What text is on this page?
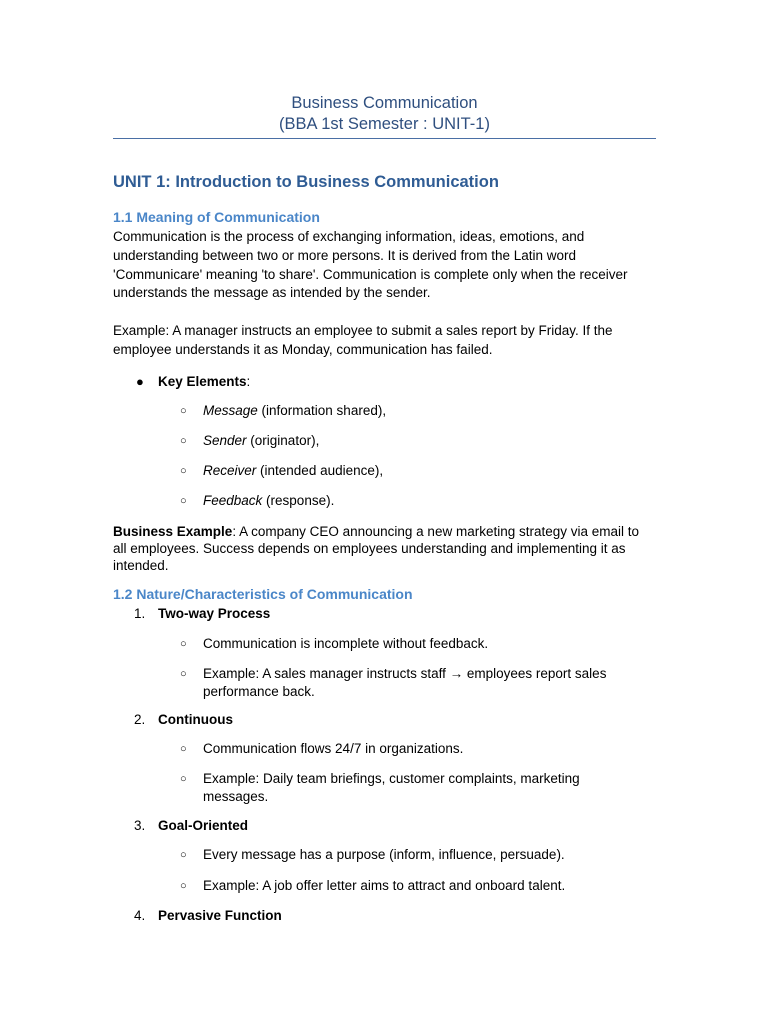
Business Communication
(BBA 1st Semester : UNIT-1)
UNIT 1: Introduction to Business Communication
1.1 Meaning of Communication
Communication is the process of exchanging information, ideas, emotions, and
understanding between two or more persons. It is derived from the Latin word
'Communicare' meaning 'to share'. Communication is complete only when the receiver
understands the message as intended by the sender.
Example: A manager instructs an employee to submit a sales report by Friday. If the
employee understands it as Monday, communication has failed.
● Key Elements:
○ Message (information shared),
○ Sender (originator),
○ Receiver (intended audience),
○ Feedback (response).
Business Example: A company CEO announcing a new marketing strategy via email to
all employees. Success depends on employees understanding and implementing it as
intended.
1.2 Nature/Characteristics of Communication
1. Two-way Process
○ Communication is incomplete without feedback.
○ Example: A sales manager instructs staff → employees report sales
performance back.
2. Continuous
○ Communication flows 24/7 in organizations.
○ Example: Daily team briefings, customer complaints, marketing
messages.
3. Goal-Oriented
○ Every message has a purpose (inform, influence, persuade).
○ Example: A job offer letter aims to attract and onboard talent.
4. Pervasive Function
